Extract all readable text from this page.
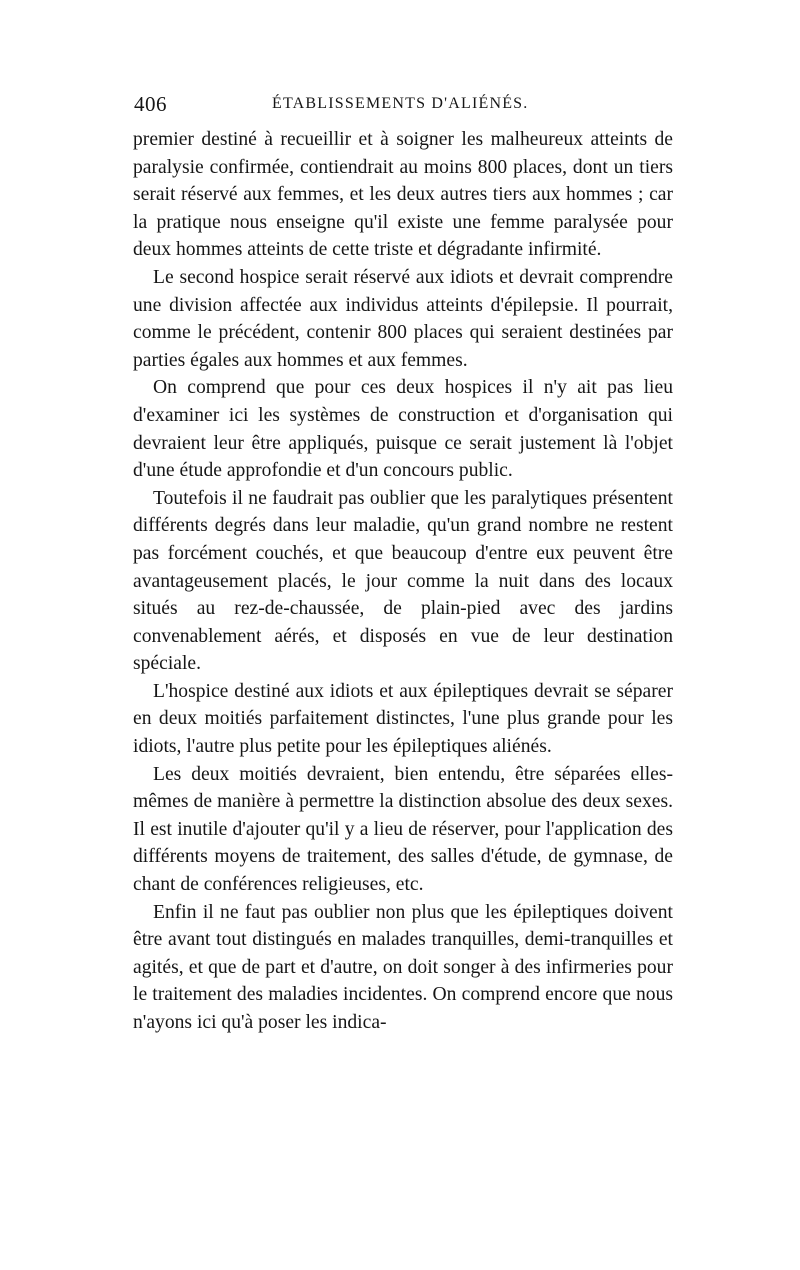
406	ÉTABLISSEMENTS D'ALIÉNÉS.

premier destiné à recueillir et à soigner les malheureux atteints de paralysie confirmée, contiendrait au moins 800 places, dont un tiers serait réservé aux femmes, et les deux autres tiers aux hommes ; car la pratique nous enseigne qu'il existe une femme paralysée pour deux hommes atteints de cette triste et dégradante infirmité.

Le second hospice serait réservé aux idiots et devrait comprendre une division affectée aux individus atteints d'épilepsie. Il pourrait, comme le précédent, contenir 800 places qui seraient destinées par parties égales aux hommes et aux femmes.

On comprend que pour ces deux hospices il n'y ait pas lieu d'examiner ici les systèmes de construction et d'organisation qui devraient leur être appliqués, puisque ce serait justement là l'objet d'une étude approfondie et d'un concours public.

Toutefois il ne faudrait pas oublier que les paralytiques présentent différents degrés dans leur maladie, qu'un grand nombre ne restent pas forcément couchés, et que beaucoup d'entre eux peuvent être avantageusement placés, le jour comme la nuit dans des locaux situés au rez-de-chaussée, de plain-pied avec des jardins convenablement aérés, et disposés en vue de leur destination spéciale.

L'hospice destiné aux idiots et aux épileptiques devrait se séparer en deux moitiés parfaitement distinctes, l'une plus grande pour les idiots, l'autre plus petite pour les épileptiques aliénés.

Les deux moitiés devraient, bien entendu, être séparées elles-mêmes de manière à permettre la distinction absolue des deux sexes. Il est inutile d'ajouter qu'il y a lieu de réserver, pour l'application des différents moyens de traitement, des salles d'étude, de gymnase, de chant de conférences religieuses, etc.

Enfin il ne faut pas oublier non plus que les épileptiques doivent être avant tout distingués en malades tranquilles, demi-tranquilles et agités, et que de part et d'autre, on doit songer à des infirmeries pour le traitement des maladies incidentes. On comprend encore que nous n'ayons ici qu'à poser les indica-
